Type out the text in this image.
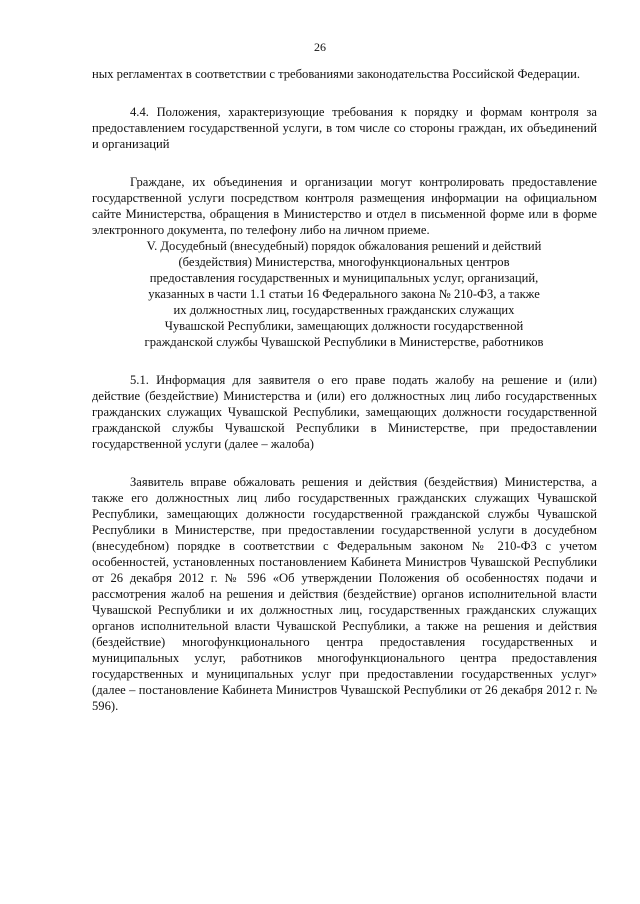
26

ных регламентах в соответствии с требованиями законодательства Российской Федерации.

4.4. Положения, характеризующие требования к порядку и формам контроля за предоставлением государственной услуги, в том числе со стороны граждан, их объединений и организаций

Граждане, их объединения и организации могут контролировать предоставление государственной услуги посредством контроля размещения информации на официальном сайте Министерства, обращения в Министерство и отдел в письменной форме или в форме электронного документа, по телефону либо на личном приеме.

V. Досудебный (внесудебный) порядок обжалования решений и действий (бездействия) Министерства, многофункциональных центров предоставления государственных и муниципальных услуг, организаций, указанных в части 1.1 статьи 16 Федерального закона № 210-ФЗ, а также их должностных лиц, государственных гражданских служащих Чувашской Республики, замещающих должности государственной гражданской службы Чувашской Республики в Министерстве, работников

5.1. Информация для заявителя о его праве подать жалобу на решение и (или) действие (бездействие) Министерства и (или) его должностных лиц либо государственных гражданских служащих Чувашской Республики, замещающих должности государственной гражданской службы Чувашской Республики в Министерстве, при предоставлении государственной услуги (далее – жалоба)

Заявитель вправе обжаловать решения и действия (бездействия) Министерства, а также его должностных лиц либо государственных гражданских служащих Чувашской Республики, замещающих должности государственной гражданской службы Чувашской Республики в Министерстве, при предоставлении государственной услуги в досудебном (внесудебном) порядке в соответствии с Федеральным законом № 210-ФЗ с учетом особенностей, установленных постановлением Кабинета Министров Чувашской Республики от 26 декабря 2012 г. № 596 «Об утверждении Положения об особенностях подачи и рассмотрения жалоб на решения и действия (бездействие) органов исполнительной власти Чувашской Республики и их должностных лиц, государственных гражданских служащих органов исполнительной власти Чувашской Республики, а также на решения и действия (бездействие) многофункционального центра предоставления государственных и муниципальных услуг, работников многофункционального центра предоставления государственных и муниципальных услуг при предоставлении государственных услуг» (далее – постановление Кабинета Министров Чувашской Республики от 26 декабря 2012 г. № 596).
